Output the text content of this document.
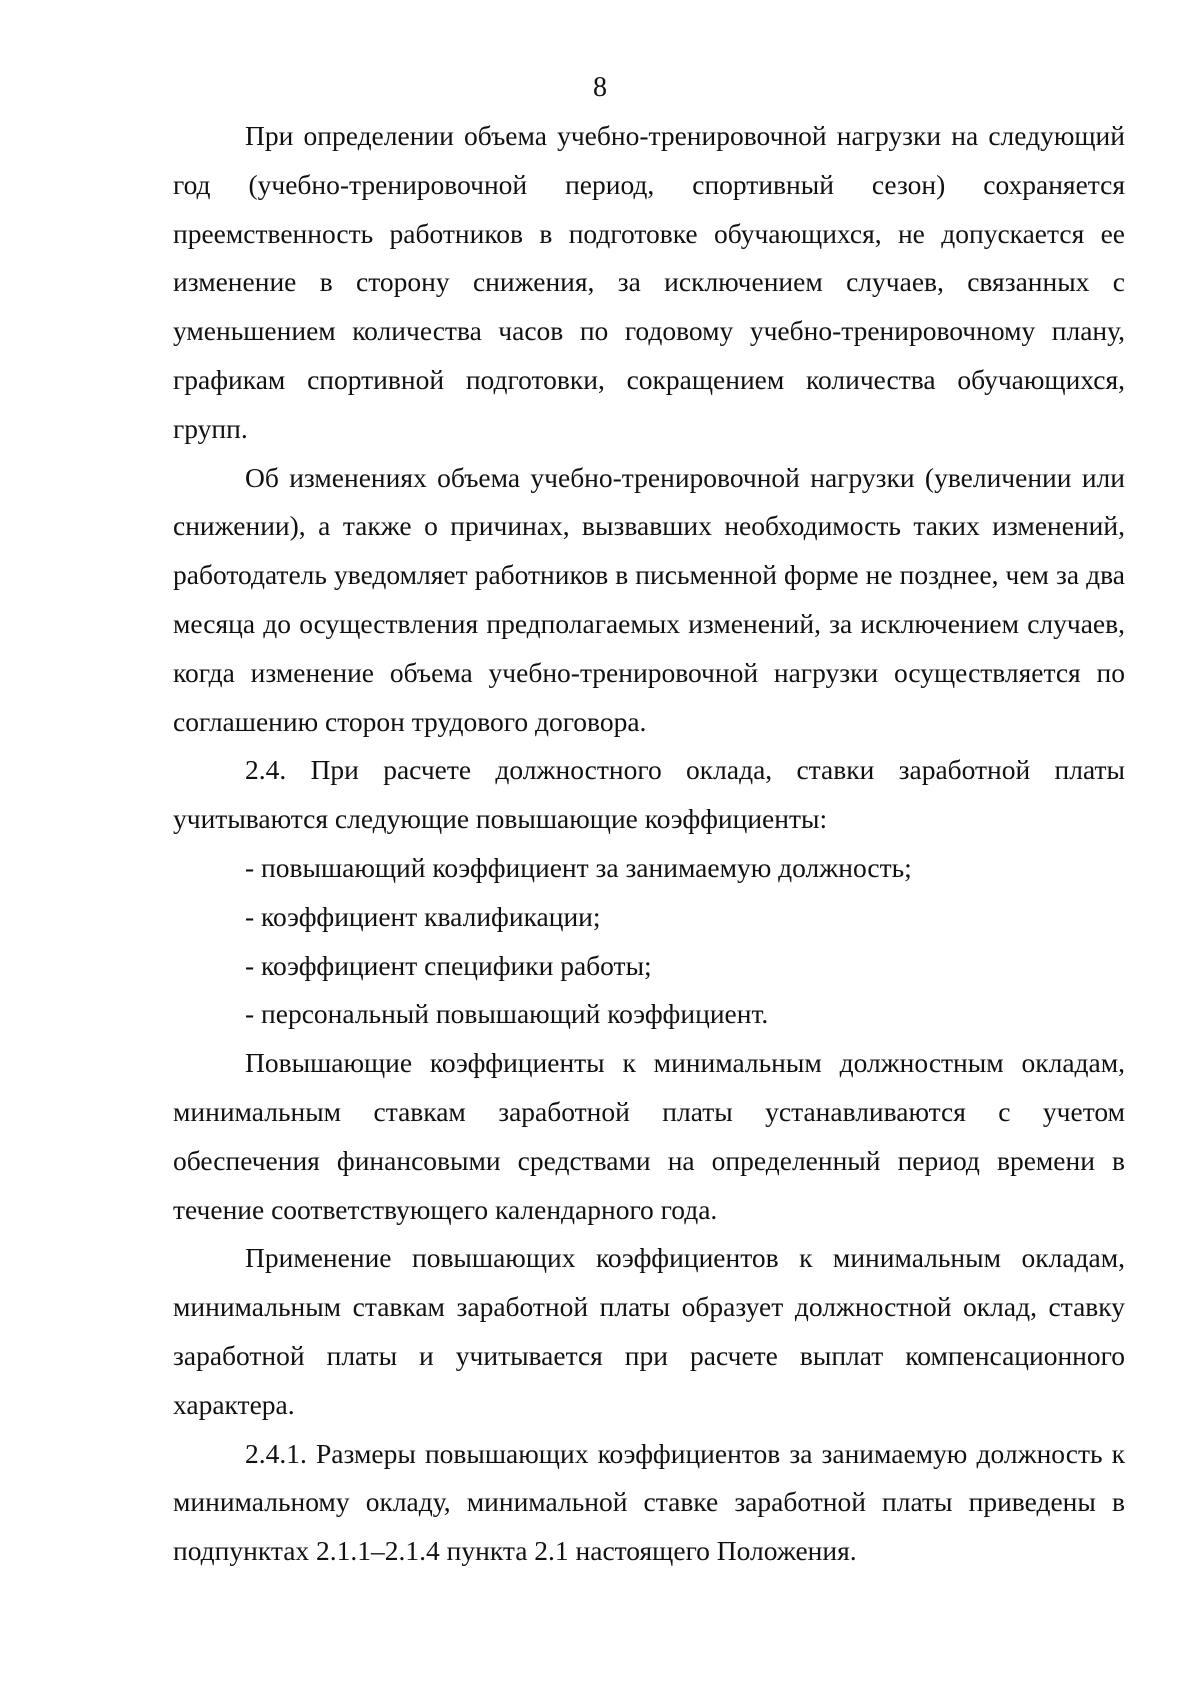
8

При определении объема учебно-тренировочной нагрузки на следующий год (учебно-тренировочной период, спортивный сезон) сохраняется преемственность работников в подготовке обучающихся, не допускается ее изменение в сторону снижения, за исключением случаев, связанных с уменьшением количества часов по годовому учебно-тренировочному плану, графикам спортивной подготовки, сокращением количества обучающихся, групп.

Об изменениях объема учебно-тренировочной нагрузки (увеличении или снижении), а также о причинах, вызвавших необходимость таких изменений, работодатель уведомляет работников в письменной форме не позднее, чем за два месяца до осуществления предполагаемых изменений, за исключением случаев, когда изменение объема учебно-тренировочной нагрузки осуществляется по соглашению сторон трудового договора.

2.4. При расчете должностного оклада, ставки заработной платы учитываются следующие повышающие коэффициенты:

- повышающий коэффициент за занимаемую должность;

- коэффициент квалификации;

- коэффициент специфики работы;

- персональный повышающий коэффициент.

Повышающие коэффициенты к минимальным должностным окладам, минимальным ставкам заработной платы устанавливаются с учетом обеспечения финансовыми средствами на определенный период времени в течение соответствующего календарного года.

Применение повышающих коэффициентов к минимальным окладам, минимальным ставкам заработной платы образует должностной оклад, ставку заработной платы и учитывается при расчете выплат компенсационного характера.

2.4.1. Размеры повышающих коэффициентов за занимаемую должность к минимальному окладу, минимальной ставке заработной платы приведены в подпунктах 2.1.1–2.1.4 пункта 2.1 настоящего Положения.
